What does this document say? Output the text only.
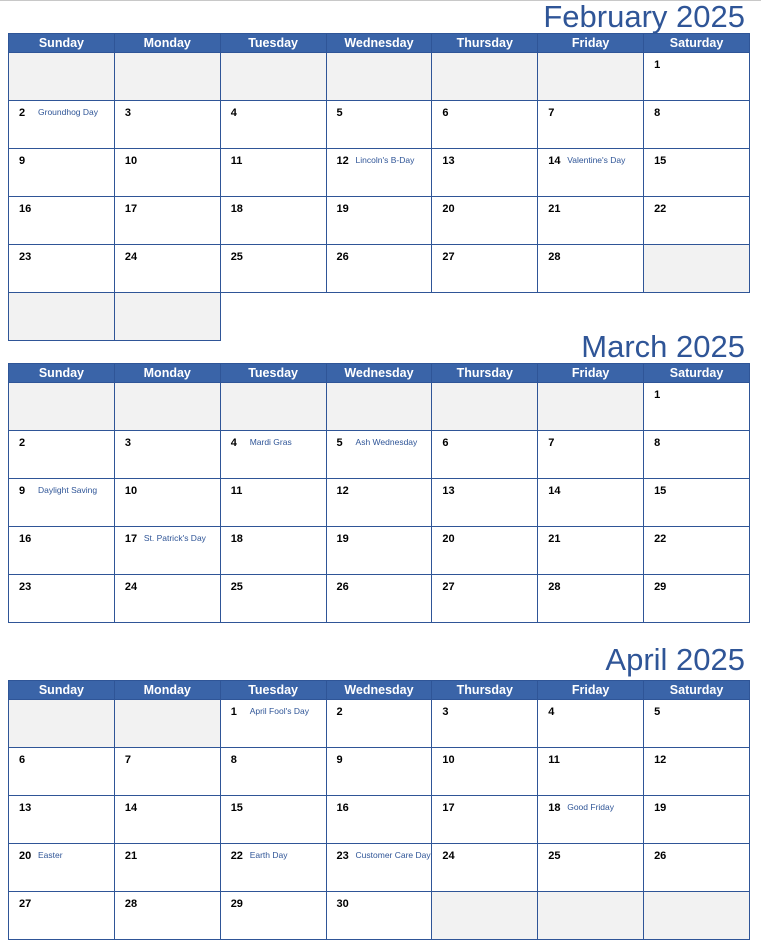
February 2025
Sunday	Monday	Tuesday	Wednesday	Thursday	Friday	Saturday

						1

2 Groundhog Day	3	4	5	6	7	8

9	10	11	12 Lincoln's B-Day	13	14 Valentine's Day	15

16	17	18	19	20	21	22

23	24	25	26	27	28	

March 2025
Sunday	Monday	Tuesday	Wednesday	Thursday	Friday	Saturday

						1

2	3	4 Mardi Gras	5 Ash Wednesday	6	7	8

9 Daylight Saving	10	11	12	13	14	15

16	17 St. Patrick's Day	18	19	20	21	22

23	24	25	26	27	28	29
April 2025
Sunday	Monday	Tuesday	Wednesday	Thursday	Friday	Saturday

		1 April Fool's Day	2	3	4	5

6	7	8	9	10	11	12

13	14	15	16	17	18 Good Friday	19

20 Easter	21	22 Earth Day	23 Customer Care Day	24	25	26

27	28	29	30			
